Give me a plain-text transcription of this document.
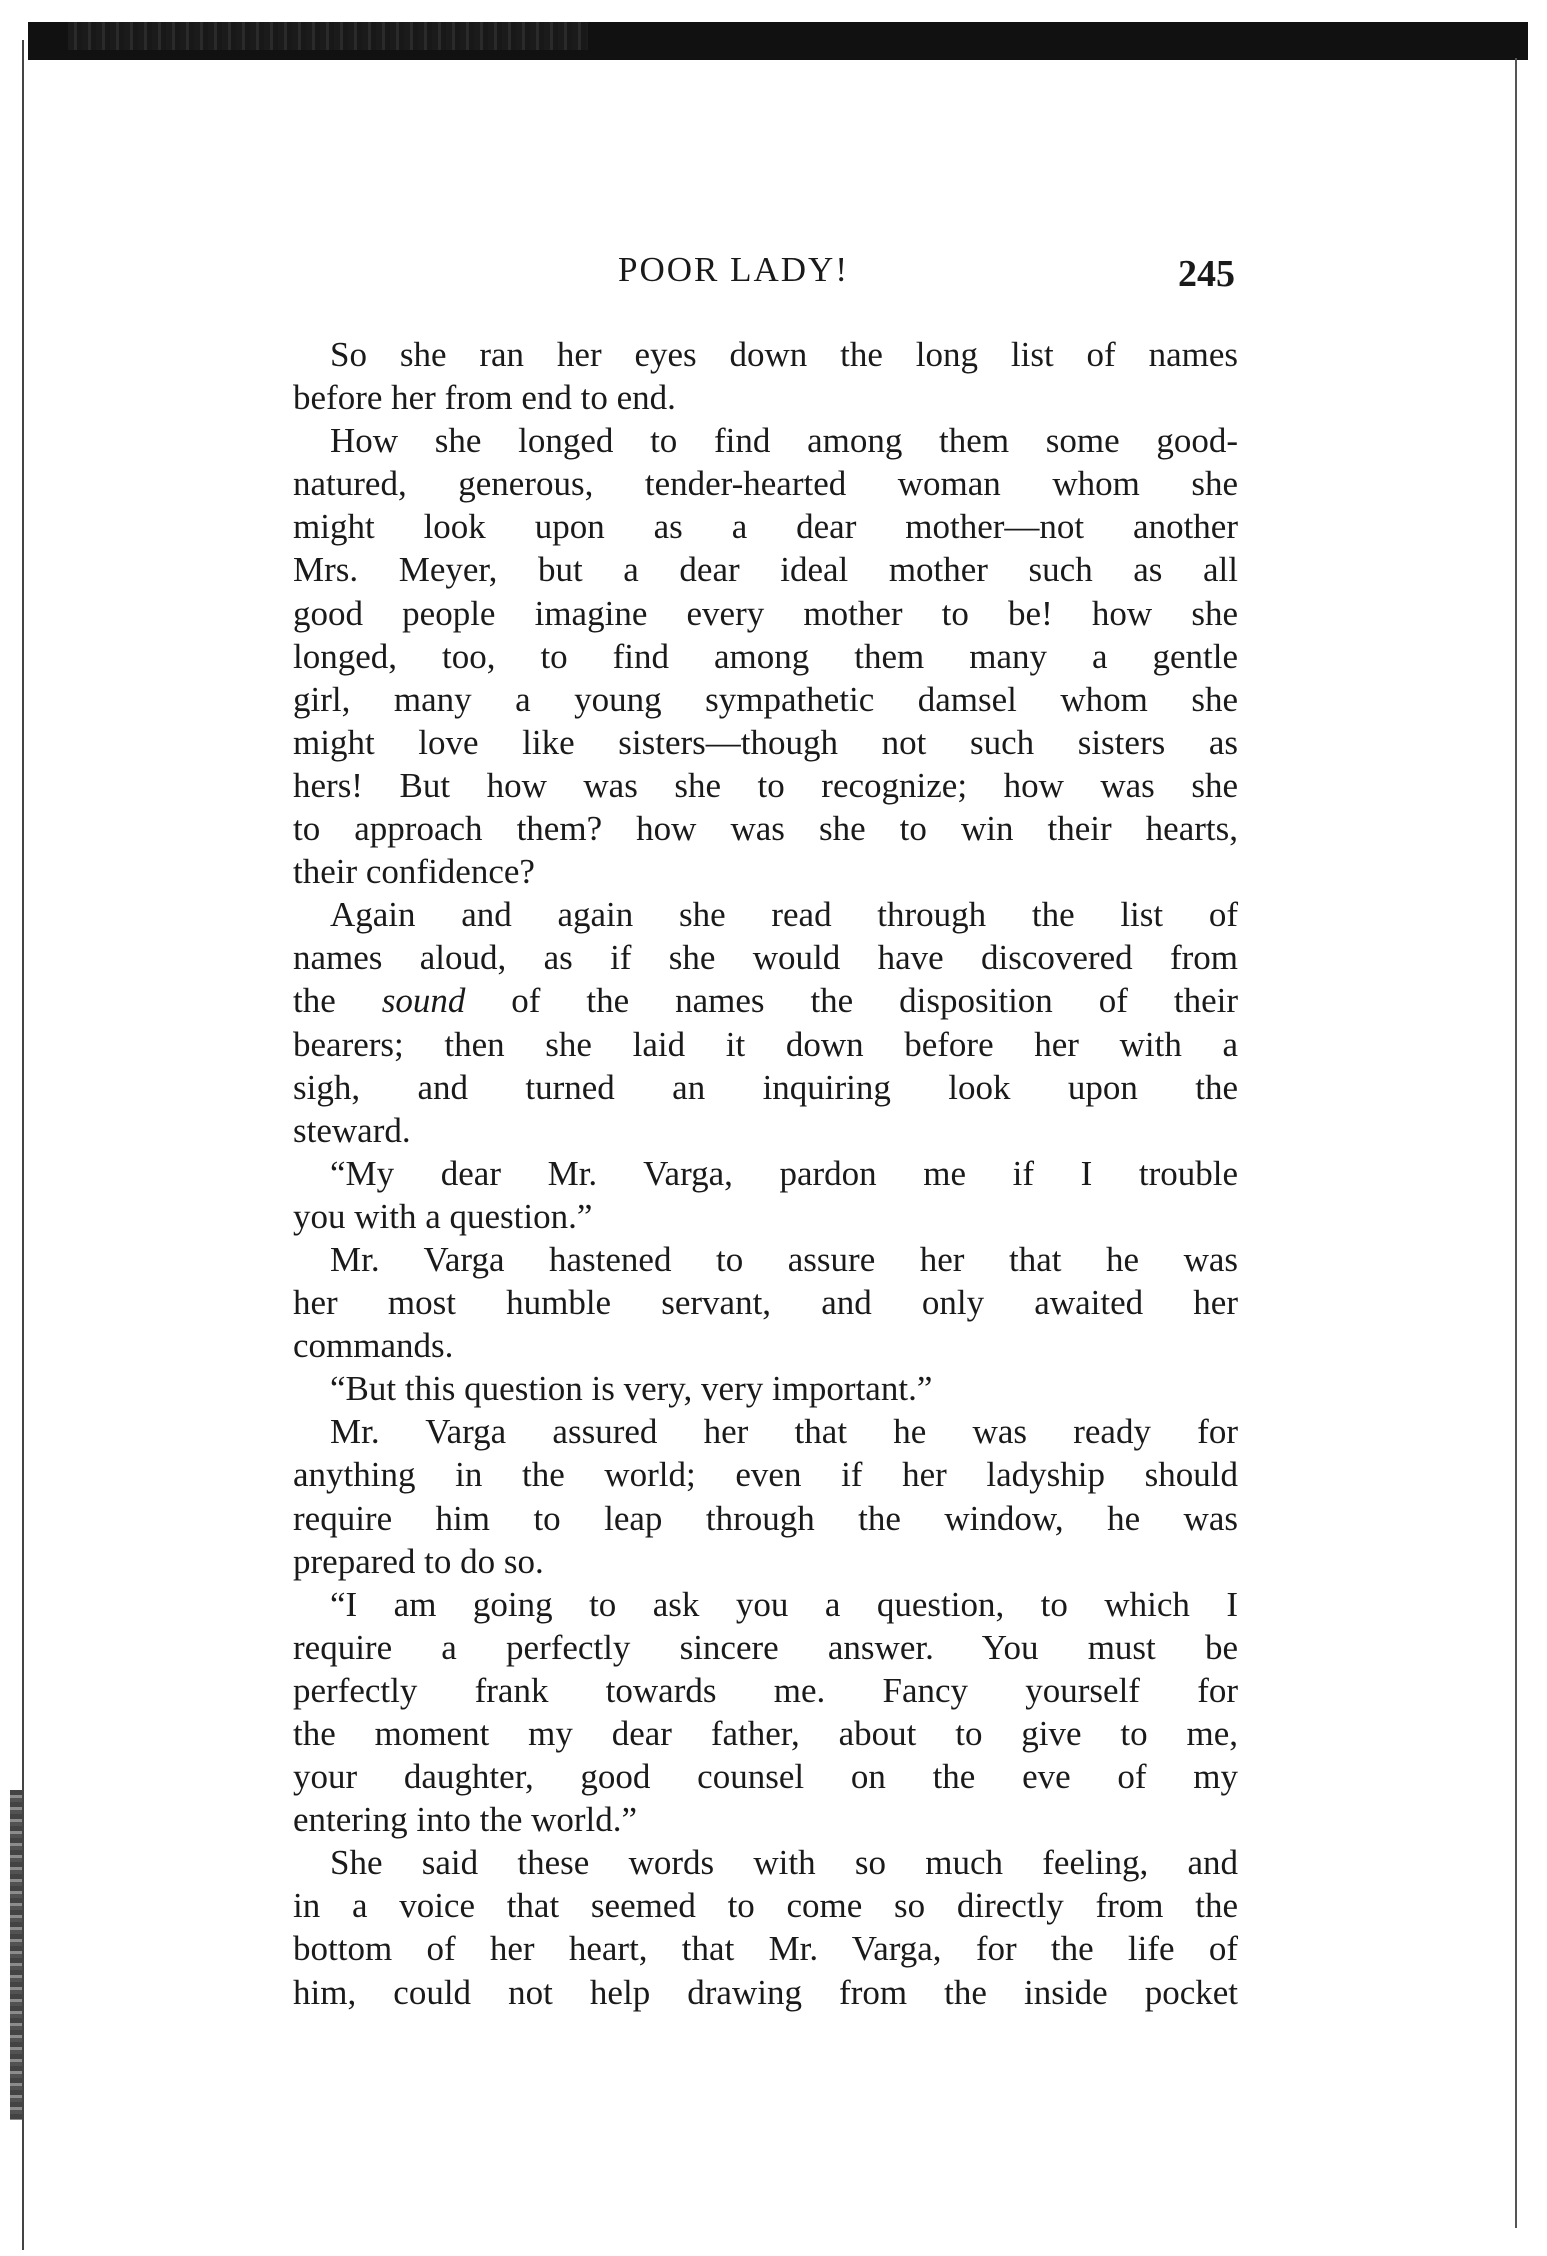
POOR LADY!	245
So she ran her eyes down the long list of names
before her from end to end.
How she longed to find among them some good-
natured, generous, tender-hearted woman whom she
might look upon as a dear mother—not another
Mrs. Meyer, but a dear ideal mother such as all
good people imagine every mother to be! how she
longed, too, to find among them many a gentle
girl, many a young sympathetic damsel whom she
might love like sisters—though not such sisters as
hers! But how was she to recognize; how was she
to approach them? how was she to win their hearts,
their confidence?
Again and again she read through the list of
names aloud, as if she would have discovered from
the sound of the names the disposition of their
bearers; then she laid it down before her with a
sigh, and turned an inquiring look upon the
steward.
“My dear Mr. Varga, pardon me if I trouble
you with a question.”
Mr. Varga hastened to assure her that he was
her most humble servant, and only awaited her
commands.
“But this question is very, very important.”
Mr. Varga assured her that he was ready for
anything in the world; even if her ladyship should
require him to leap through the window, he was
prepared to do so.
“I am going to ask you a question, to which I
require a perfectly sincere answer. You must be
perfectly frank towards me. Fancy yourself for
the moment my dear father, about to give to me,
your daughter, good counsel on the eve of my
entering into the world.”
She said these words with so much feeling, and
in a voice that seemed to come so directly from the
bottom of her heart, that Mr. Varga, for the life of
him, could not help drawing from the inside pocket
